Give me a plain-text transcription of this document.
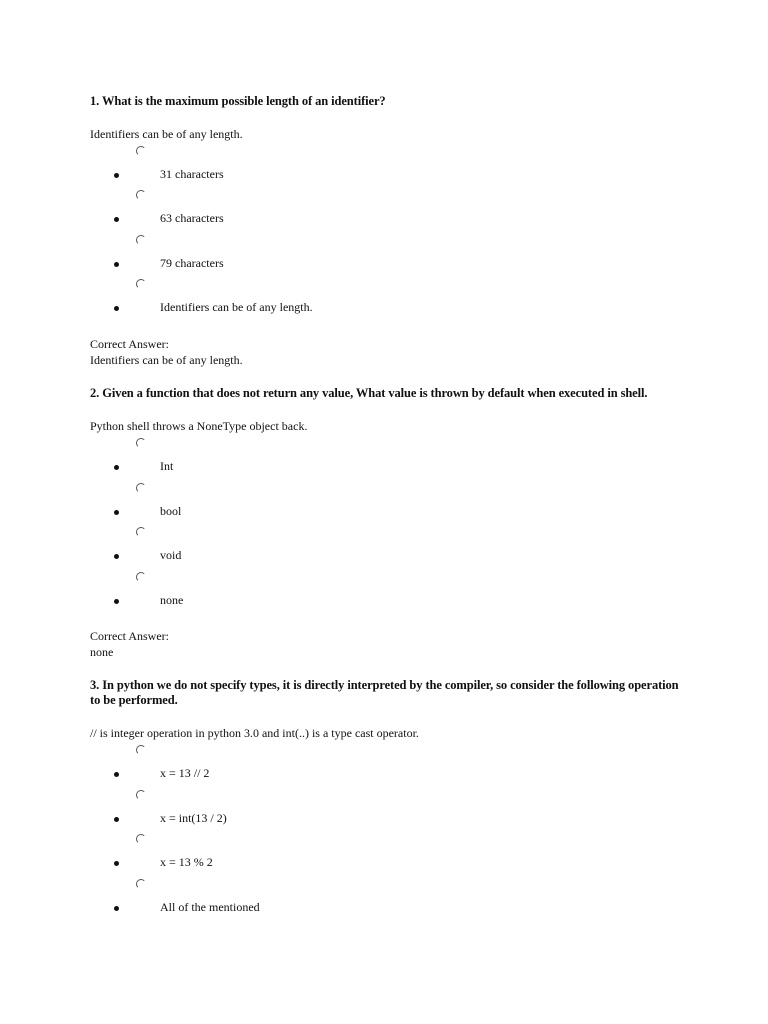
1. What is the maximum possible length of an identifier?

Identifiers can be of any length.

31 characters
63 characters
79 characters
Identifiers can be of any length.
Correct Answer:
Identifiers can be of any length.

2. Given a function that does not return any value, What value is thrown by default when executed in shell.

Python shell throws a NoneType object back.

Int
bool
void
none
Correct Answer:
none

3. In python we do not specify types, it is directly interpreted by the compiler, so consider the following operation to be performed.

// is integer operation in python 3.0 and int(..) is a type cast operator.

x = 13 // 2
x = int(13 / 2)
x = 13 % 2
All of the mentioned
